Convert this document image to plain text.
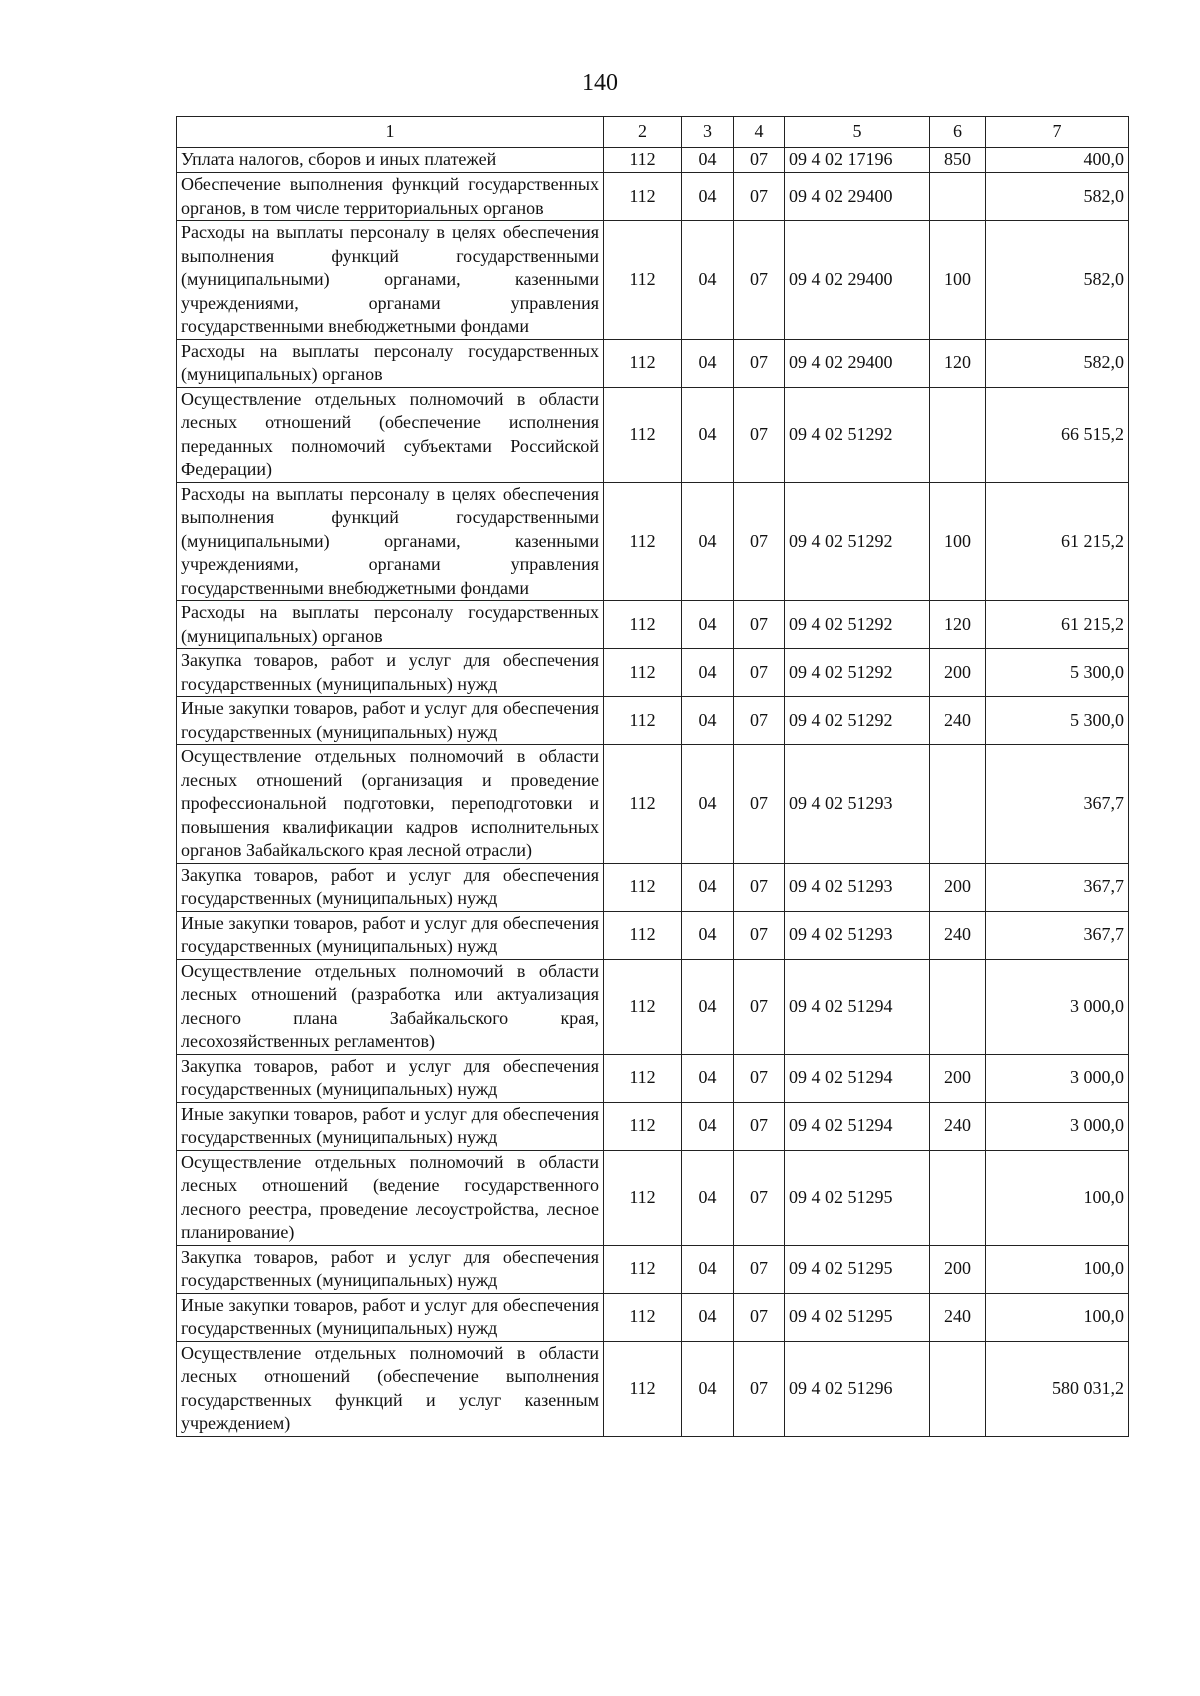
140
1	2	3	4	5	6	7
Уплата налогов, сборов и иных платежей	112	04	07	09 4 02 17196	850	400,0
Обеспечение выполнения функций государственных органов, в том числе территориальных органов	112	04	07	09 4 02 29400		582,0
Расходы на выплаты персоналу в целях обеспечения выполнения функций государственными (муниципальными) органами, казенными учреждениями, органами управления государственными внебюджетными фондами	112	04	07	09 4 02 29400	100	582,0
Расходы на выплаты персоналу государственных (муниципальных) органов	112	04	07	09 4 02 29400	120	582,0
Осуществление отдельных полномочий в области лесных отношений (обеспечение исполнения переданных полномочий субъектами Российской Федерации)	112	04	07	09 4 02 51292		66 515,2
Расходы на выплаты персоналу в целях обеспечения выполнения функций государственными (муниципальными) органами, казенными учреждениями, органами управления государственными внебюджетными фондами	112	04	07	09 4 02 51292	100	61 215,2
Расходы на выплаты персоналу государственных (муниципальных) органов	112	04	07	09 4 02 51292	120	61 215,2
Закупка товаров, работ и услуг для обеспечения государственных (муниципальных) нужд	112	04	07	09 4 02 51292	200	5 300,0
Иные закупки товаров, работ и услуг для обеспечения государственных (муниципальных) нужд	112	04	07	09 4 02 51292	240	5 300,0
Осуществление отдельных полномочий в области лесных отношений (организация и проведение профессиональной подготовки, переподготовки и повышения квалификации кадров исполнительных органов Забайкальского края лесной отрасли)	112	04	07	09 4 02 51293		367,7
Закупка товаров, работ и услуг для обеспечения государственных (муниципальных) нужд	112	04	07	09 4 02 51293	200	367,7
Иные закупки товаров, работ и услуг для обеспечения государственных (муниципальных) нужд	112	04	07	09 4 02 51293	240	367,7
Осуществление отдельных полномочий в области лесных отношений (разработка или актуализация лесного плана Забайкальского края, лесохозяйственных регламентов)	112	04	07	09 4 02 51294		3 000,0
Закупка товаров, работ и услуг для обеспечения государственных (муниципальных) нужд	112	04	07	09 4 02 51294	200	3 000,0
Иные закупки товаров, работ и услуг для обеспечения государственных (муниципальных) нужд	112	04	07	09 4 02 51294	240	3 000,0
Осуществление отдельных полномочий в области лесных отношений (ведение государственного лесного реестра, проведение лесоустройства, лесное планирование)	112	04	07	09 4 02 51295		100,0
Закупка товаров, работ и услуг для обеспечения государственных (муниципальных) нужд	112	04	07	09 4 02 51295	200	100,0
Иные закупки товаров, работ и услуг для обеспечения государственных (муниципальных) нужд	112	04	07	09 4 02 51295	240	100,0
Осуществление отдельных полномочий в области лесных отношений (обеспечение выполнения государственных функций и услуг казенным учреждением)	112	04	07	09 4 02 51296		580 031,2
